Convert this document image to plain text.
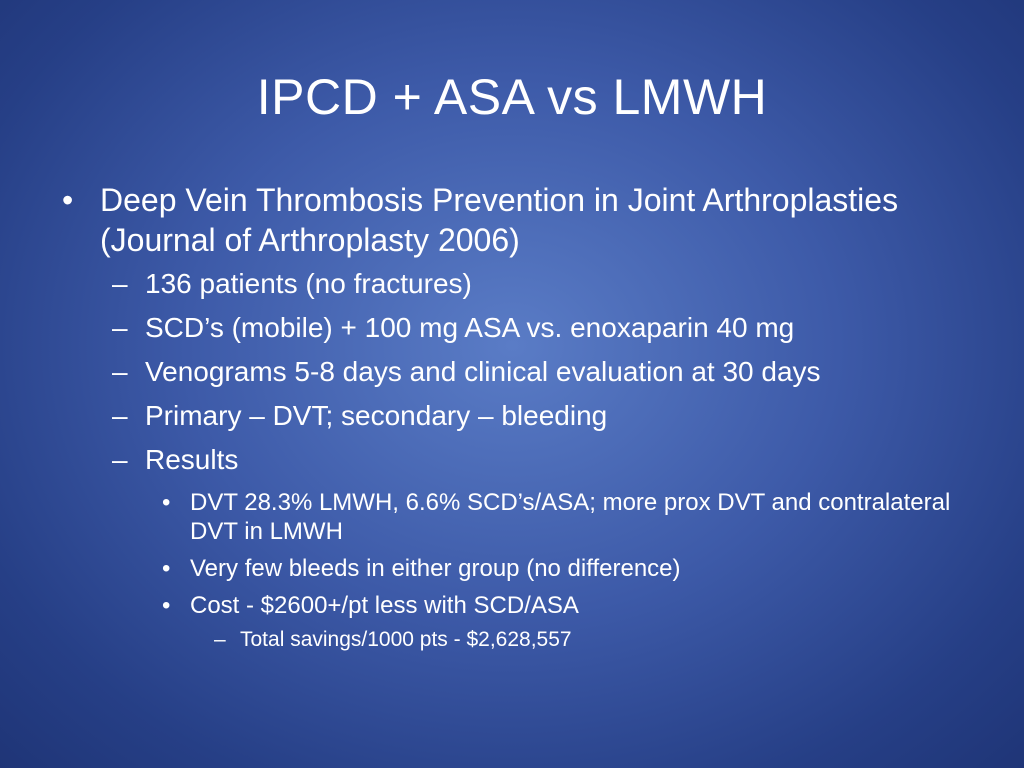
IPCD + ASA vs LMWH
• Deep Vein Thrombosis Prevention in Joint Arthroplasties (Journal of Arthroplasty 2006)
– 136 patients (no fractures)
– SCD’s (mobile) + 100 mg ASA vs. enoxaparin 40 mg
– Venograms 5-8 days and clinical evaluation at 30 days
– Primary – DVT; secondary – bleeding
– Results
• DVT 28.3% LMWH, 6.6% SCD’s/ASA; more prox DVT and contralateral DVT in LMWH
• Very few bleeds in either group (no difference)
• Cost - $2600+/pt less with SCD/ASA
– Total savings/1000 pts - $2,628,557
